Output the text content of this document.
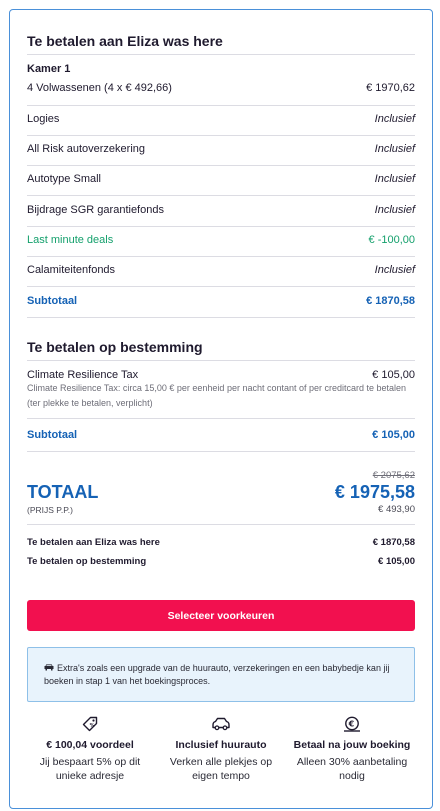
Te betalen aan Eliza was here
Kamer 1
4 Volwassenen (4 x € 492,66)	€ 1970,62
Logies	Inclusief
All Risk autoverzekering	Inclusief
Autotype Small	Inclusief
Bijdrage SGR garantiefonds	Inclusief
Last minute deals	€ -100,00
Calamiteitenfonds	Inclusief
Subtotaal	€ 1870,58
Te betalen op bestemming
Climate Resilience Tax	€ 105,00
Climate Resilience Tax: circa 15,00 € per eenheid per nacht contant of per creditcard te betalen (ter plekke te betalen, verplicht)
Subtotaal	€ 105,00
€ 2075,62
TOTAAL	€ 1975,58
(PRIJS P.P.)	€ 493,90
Te betalen aan Eliza was here	€ 1870,58
Te betalen op bestemming	€ 105,00
Selecteer voorkeuren
Extra's zoals een upgrade van de huurauto, verzekeringen en een babybedje kan jij boeken in stap 1 van het boekingsproces.
%
€ 100,04 voordeel
Jij bespaart 5% op dit unieke adresje
Inclusief huurauto
Verken alle plekjes op eigen tempo
€
Betaal na jouw boeking
Alleen 30% aanbetaling nodig
